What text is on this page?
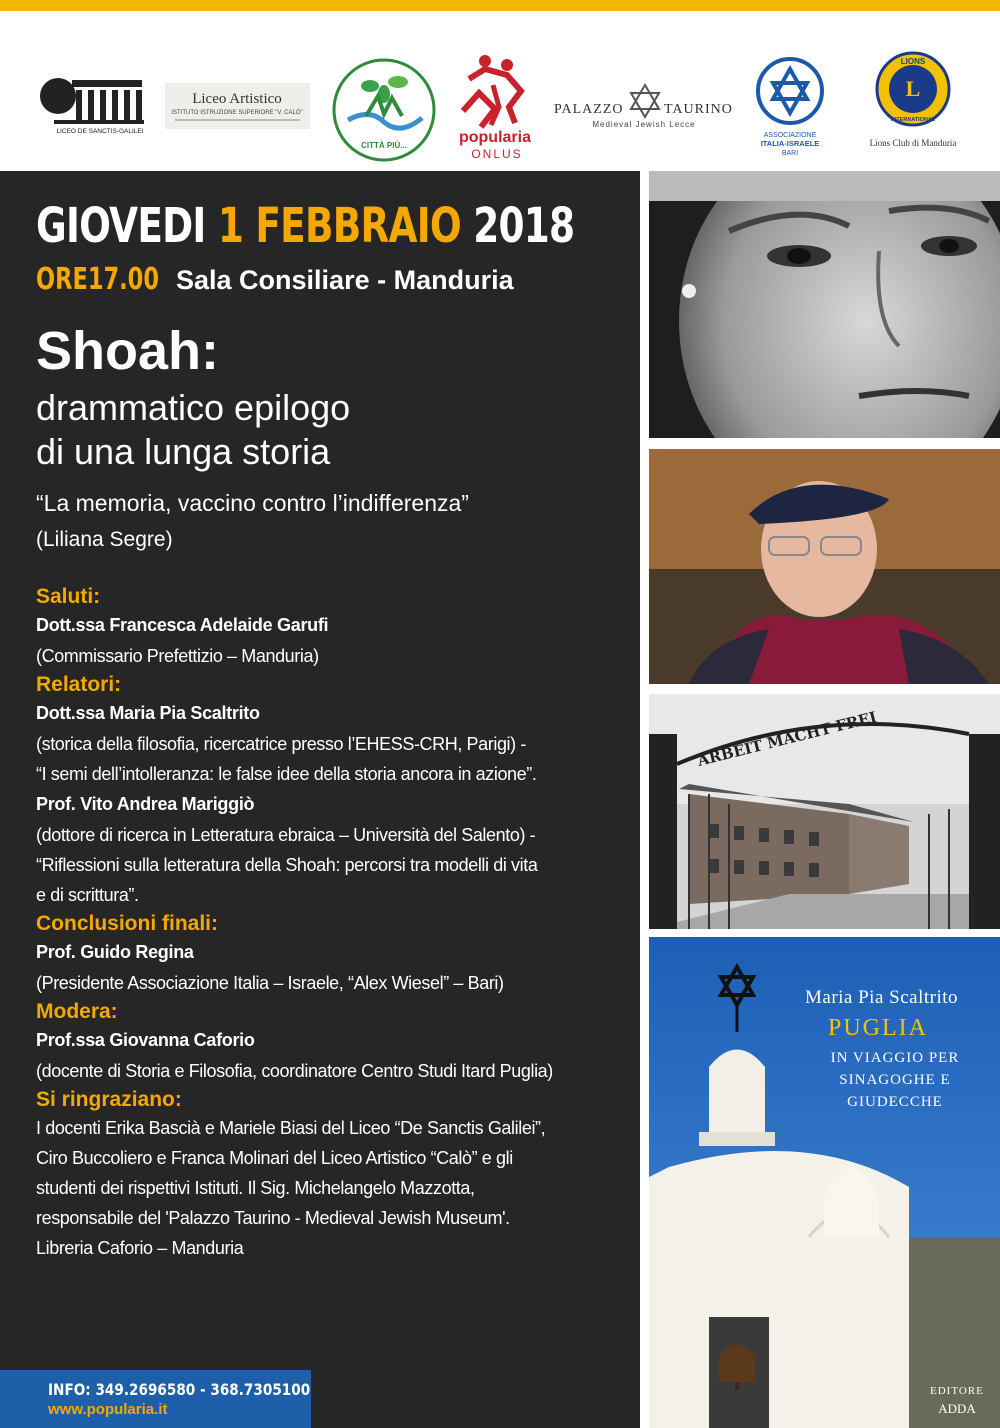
LICEO DE SANCTIS-GALILEI
Liceo Artistico
ISTITUTO ISTRUZIONE SUPERIORE "V. CALÒ"
CITTÀ PIÙ...	popularia
ONLUS
PALAZZO	TAURINO
Medieval Jewish Lecce
ASSOCIAZIONE
ITALIA-ISRAELE
BARI
L
LIONS
INTERNATIONAL
Lions Club di Manduria
GIOVEDI 1 FEBBRAIO 2018
ORE17.00 Sala Consiliare - Manduria
Shoah:
drammatico epilogo
di una lunga storia
“La memoria, vaccino contro l’indifferenza”
(Liliana Segre)
Saluti:
Dott.ssa Francesca Adelaide Garufi
(Commissario Prefettizio – Manduria)
Relatori:
Dott.ssa Maria Pia Scaltrito
(storica della filosofia, ricercatrice presso l’EHESS-CRH, Parigi) -
“I semi dell’intolleranza: le false idee della storia ancora in azione”.
Prof. Vito Andrea Mariggiò
(dottore di ricerca in Letteratura ebraica – Università del Salento) -
“Riflessioni sulla letteratura della Shoah: percorsi tra modelli di vita
e di scrittura”.
Conclusioni finali:
Prof. Guido Regina
(Presidente Associazione Italia – Israele, “Alex Wiesel” – Bari)
Modera:
Prof.ssa Giovanna Caforio
(docente di Storia e Filosofia, coordinatore Centro Studi Itard Puglia)
Si ringraziano:
I docenti Erika Bascià e Mariele Biasi del Liceo “De Sanctis Galilei”,
Ciro Buccoliero e Franca Molinari del Liceo Artistico “Calò” e gli
studenti dei rispettivi Istituti. Il Sig. Michelangelo Mazzotta,
responsabile del 'Palazzo Taurino - Medieval Jewish Museum'.
Libreria Caforio – Manduria
INFO: 349.2696580 - 368.7305100
www.popularia.it
ARBEIT MACHT FREI
ADDA
Maria Pia Scaltrito
PUGLIA
IN VIAGGIO PER
SINAGOGHE E
GIUDECCHE
EDITORE
